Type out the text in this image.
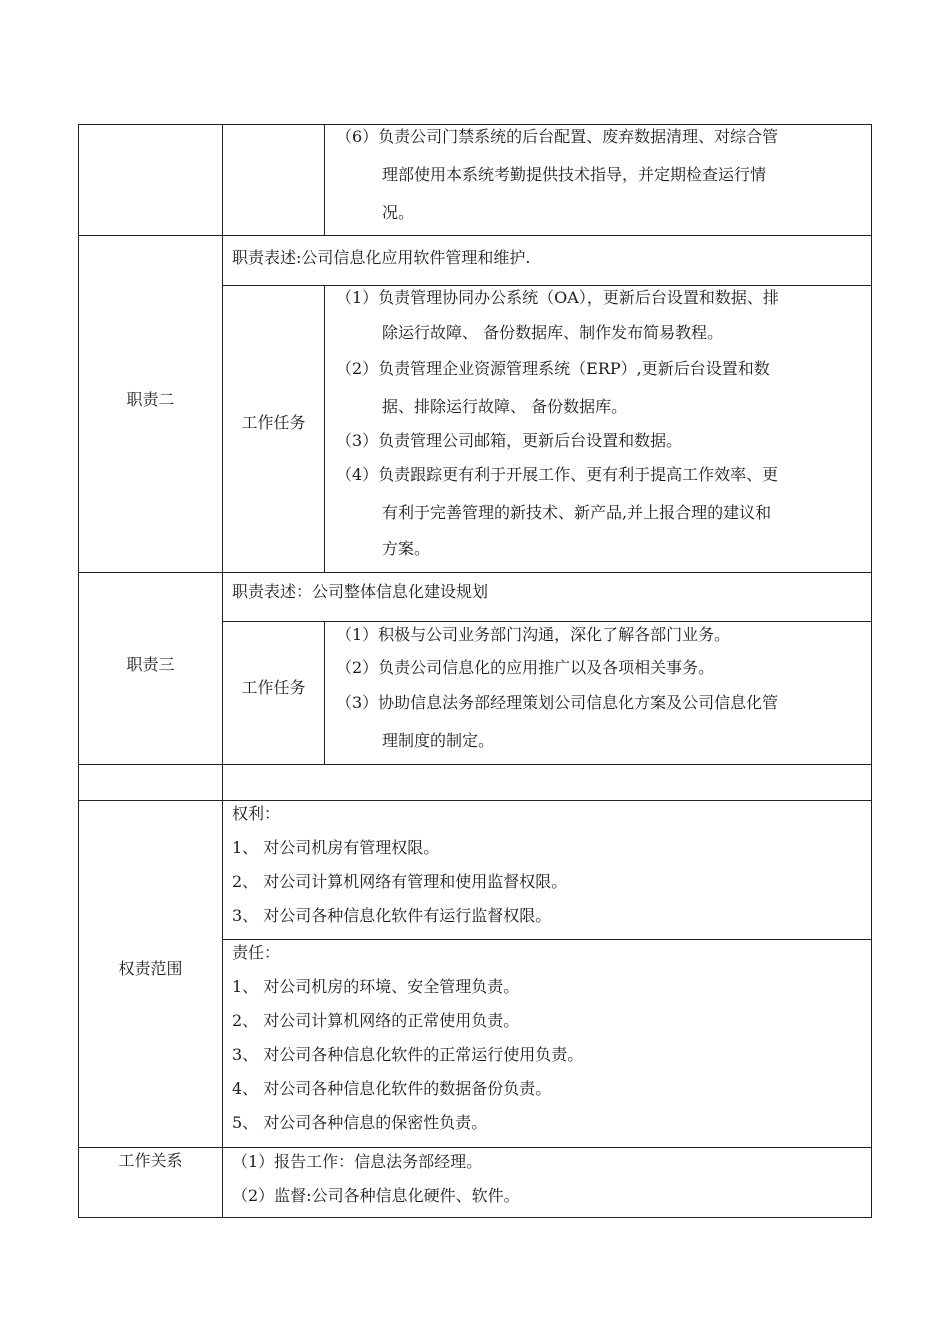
（6）负责公司门禁系统的后台配置、废弃数据清理、对综合管
理部使用本系统考勤提供技术指导，并定期检查运行情
况。
职责二
职责表述:公司信息化应用软件管理和维护.
工作任务
（1）负责管理协同办公系统（OA），更新后台设置和数据、排
除运行故障、 备份数据库、制作发布简易教程。
（2）负责管理企业资源管理系统（ERP）,更新后台设置和数
据、排除运行故障、 备份数据库。
（3）负责管理公司邮箱，更新后台设置和数据。
（4）负责跟踪更有利于开展工作、更有利于提高工作效率、更
有利于完善管理的新技术、新产品,并上报合理的建议和
方案。
职责三
职责表述：公司整体信息化建设规划
工作任务
（1）积极与公司业务部门沟通，深化了解各部门业务。
（2）负责公司信息化的应用推广以及各项相关事务。
（3）协助信息法务部经理策划公司信息化方案及公司信息化管
理制度的制定。
权责范围
权利：
1、 对公司机房有管理权限。
2、 对公司计算机网络有管理和使用监督权限。
3、 对公司各种信息化软件有运行监督权限。
责任：
1、 对公司机房的环境、安全管理负责。
2、 对公司计算机网络的正常使用负责。
3、 对公司各种信息化软件的正常运行使用负责。
4、 对公司各种信息化软件的数据备份负责。
5、 对公司各种信息的保密性负责。
工作关系	（1）报告工作：信息法务部经理。
（2）监督:公司各种信息化硬件、软件。
